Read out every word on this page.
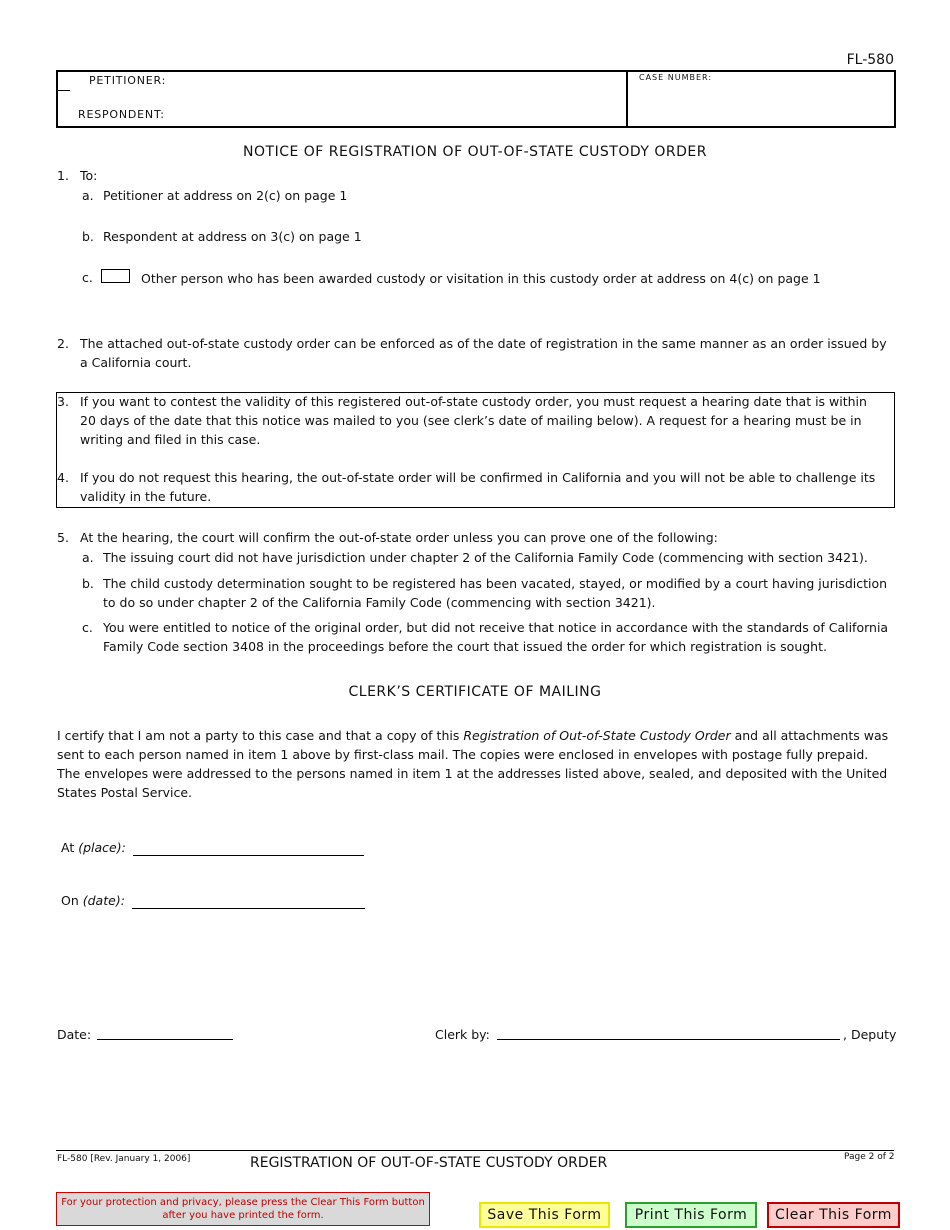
FL-580
PETITIONER:
RESPONDENT:
CASE NUMBER:
NOTICE OF REGISTRATION OF OUT-OF-STATE CUSTODY ORDER
1. To:
a. Petitioner at address on 2(c) on page 1
b. Respondent at address on 3(c) on page 1
c.	Other person who has been awarded custody or visitation in this custody order at address on 4(c) on page 1
2. The attached out-of-state custody order can be enforced as of the date of registration in the same manner as an order issued by a California court.
3. If you want to contest the validity of this registered out-of-state custody order, you must request a hearing date that is within 20 days of the date that this notice was mailed to you (see clerk’s date of mailing below). A request for a hearing must be in writing and filed in this case.
4. If you do not request this hearing, the out-of-state order will be confirmed in California and you will not be able to challenge its validity in the future.
5. At the hearing, the court will confirm the out-of-state order unless you can prove one of the following:
a. The issuing court did not have jurisdiction under chapter 2 of the California Family Code (commencing with section 3421).
b. The child custody determination sought to be registered has been vacated, stayed, or modified by a court having jurisdiction to do so under chapter 2 of the California Family Code (commencing with section 3421).
c. You were entitled to notice of the original order, but did not receive that notice in accordance with the standards of California Family Code section 3408 in the proceedings before the court that issued the order for which registration is sought.
CLERK’S CERTIFICATE OF MAILING
I certify that I am not a party to this case and that a copy of this Registration of Out-of-State Custody Order and all attachments was sent to each person named in item 1 above by first-class mail. The copies were enclosed in envelopes with postage fully prepaid. The envelopes were addressed to the persons named in item 1 at the addresses listed above, sealed, and deposited with the United States Postal Service.
At (place):
On (date):
Date:	Clerk by:	, Deputy
FL-580 [Rev. January 1, 2006]	REGISTRATION OF OUT-OF-STATE CUSTODY ORDER	Page 2 of 2
For your protection and privacy, please press the Clear This Form button after you have printed the form.	Save This Form	Print This Form	Clear This Form
